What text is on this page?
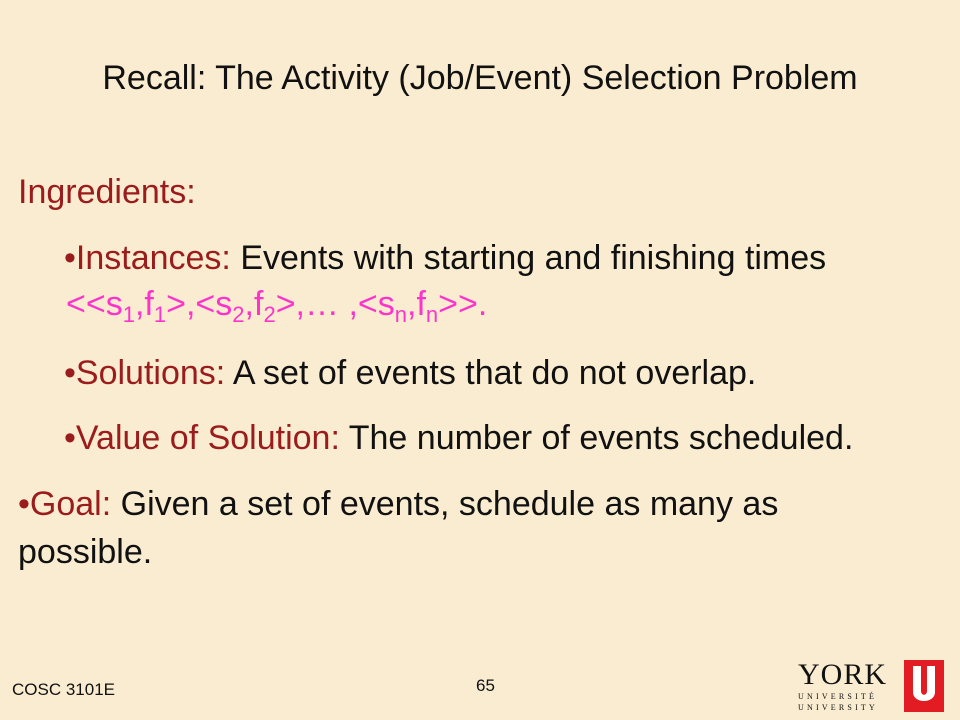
Recall: The Activity (Job/Event) Selection Problem
Ingredients:
•Instances: Events with starting and finishing times
$<<s_1,f_1>,<s_2,f_2>,\dots$ $,<s_n,f_n>>$.
•Solutions: A set of events that do not overlap.
•Value of Solution: The number of events scheduled.
•Goal: Given a set of events, schedule as many as
possible.
COSC 3101E	65	YORK
UNIVERSITÉ
UNIVERSITY
